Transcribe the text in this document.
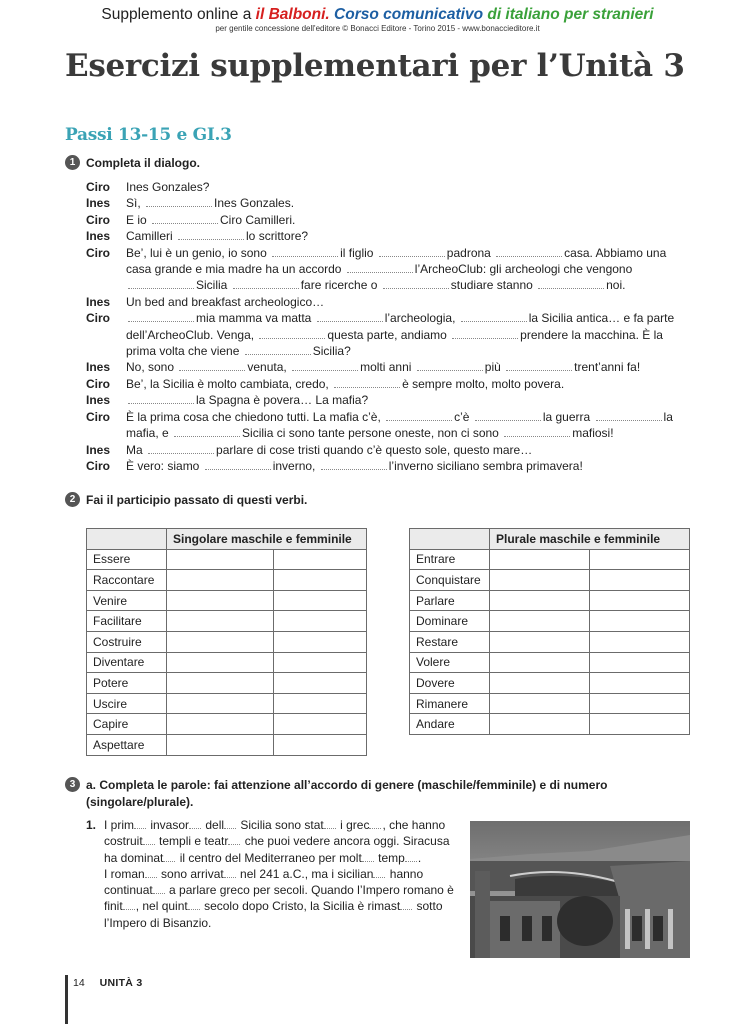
Supplemento online a il Balboni. Corso comunicativo di italiano per stranieri
per gentile concessione dell'editore © Bonacci Editore - Torino 2015 - www.bonaccieditore.it
Esercizi supplementari per l’Unità 3
Passi 13-15 e GI.3
1 Completa il dialogo.
Ciro	Ines Gonzales?
Ines	Sì,	Ines Gonzales.
Ciro	E io	Ciro Camilleri.
Ines	Camilleri	lo scrittore?
Ciro	Be’, lui è un genio, io sono	il figlio	padrona	casa. Abbiamo una casa grande e mia madre ha un accordo	l’ArcheoClub: gli archeologi che vengono Sicilia	fare ricerche o	studiare stanno	noi.
Ines	Un bed and breakfast archeologico…
Ciro	mia mamma va matta	l’archeologia,	la Sicilia antica… e fa parte dell’ArcheoClub. Venga,	questa parte, andiamo	prendere la macchina. È la prima volta che viene	Sicilia?
Ines	No, sono	venuta,	molti anni	più	trent’anni fa!
Ciro	Be’, la Sicilia è molto cambiata, credo,	è sempre molto, molto povera.
Ines	la Spagna è povera… La mafia?
Ciro	È la prima cosa che chiedono tutti. La mafia c’è,	c’è	la guerra	la mafia, e	Sicilia ci sono tante persone oneste, non ci sono	mafiosi!
Ines	Ma	parlare di cose tristi quando c’è questo sole, questo mare…
Ciro	È vero: siamo	inverno,	l’inverno siciliano sembra primavera!
2 Fai il participio passato di questi verbi.
	Singolare maschile e femminile	
Essere		
Raccontare		
Venire		
Facilitare		
Costruire		
Diventare		
Potere		
Uscire		
Capire		
Aspettare		
	Plurale maschile e femminile	
Entrare		
Conquistare		
Parlare		
Dominare		
Restare		
Volere		
Dovere		
Rimanere		
Andare		
3 a. Completa le parole: fai attenzione all’accordo di genere (maschile/femminile) e di numero (singolare/plurale).
1. I prim invasor dell Sicilia sono stat i grec , che hanno costruit templi e teatr che puoi vedere ancora oggi. Siracusa ha dominat il centro del Mediterraneo per molt temp .
I roman sono arrivat nel 241 a.C., ma i sicilian hanno continuat a parlare greco per secoli. Quando l’Impero romano è finit , nel quint secolo dopo Cristo, la Sicilia è rimast sotto l’Impero di Bisanzio.
14 UNITÀ 3
